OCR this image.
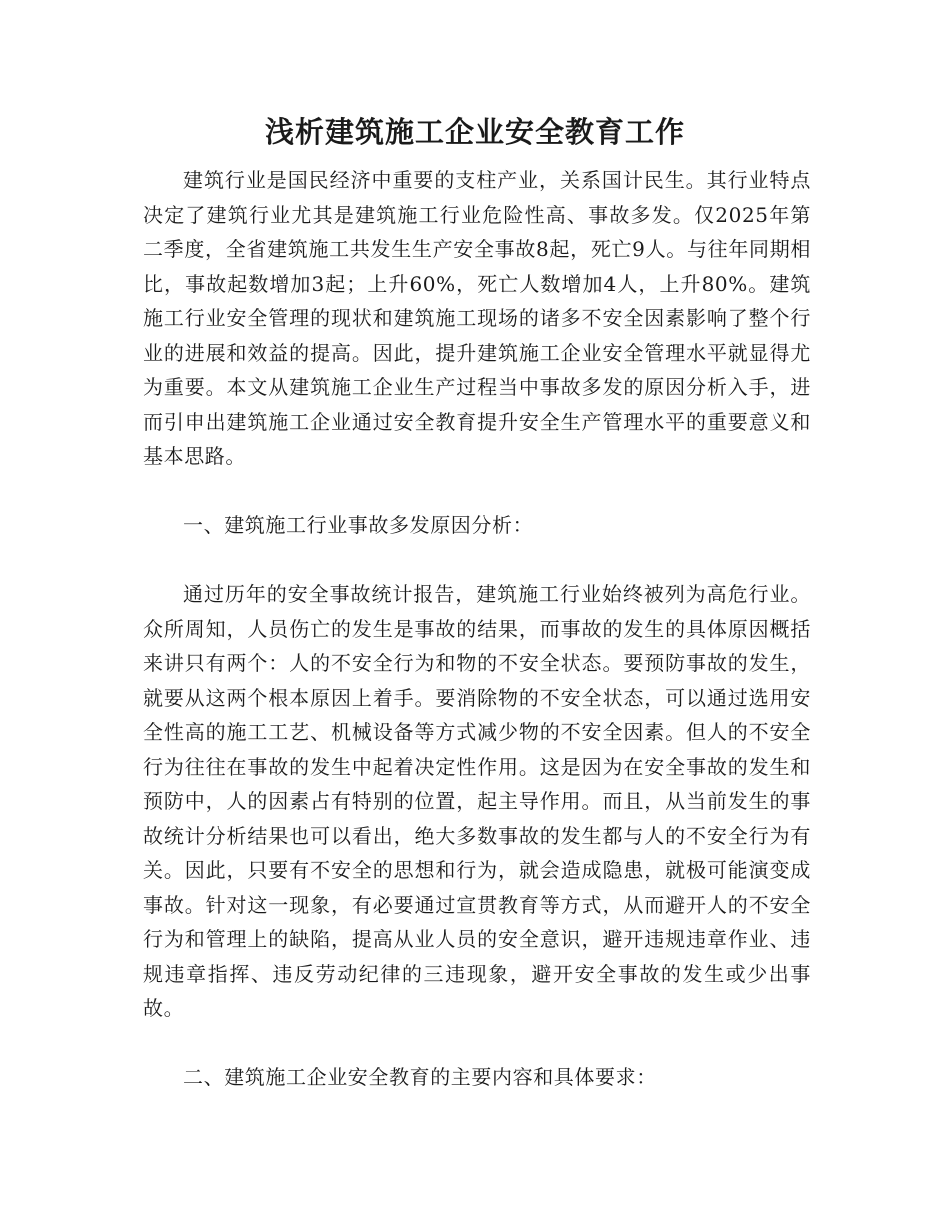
浅析建筑施工企业安全教育工作

建筑行业是国民经济中重要的支柱产业，关系国计民生。其行业特点决定了建筑行业尤其是建筑施工行业危险性高、事故多发。仅2025年第二季度，全省建筑施工共发生生产安全事故8起，死亡9人。与往年同期相比，事故起数增加3起；上升60%，死亡人数增加4人，上升80%。建筑施工行业安全管理的现状和建筑施工现场的诸多不安全因素影响了整个行业的进展和效益的提高。因此，提升建筑施工企业安全管理水平就显得尤为重要。本文从建筑施工企业生产过程当中事故多发的原因分析入手，进而引申出建筑施工企业通过安全教育提升安全生产管理水平的重要意义和基本思路。

一、建筑施工行业事故多发原因分析：

通过历年的安全事故统计报告，建筑施工行业始终被列为高危行业。众所周知，人员伤亡的发生是事故的结果，而事故的发生的具体原因概括来讲只有两个：人的不安全行为和物的不安全状态。要预防事故的发生，就要从这两个根本原因上着手。要消除物的不安全状态，可以通过选用安全性高的施工工艺、机械设备等方式减少物的不安全因素。但人的不安全行为往往在事故的发生中起着决定性作用。这是因为在安全事故的发生和预防中，人的因素占有特别的位置，起主导作用。而且，从当前发生的事故统计分析结果也可以看出，绝大多数事故的发生都与人的不安全行为有关。因此，只要有不安全的思想和行为，就会造成隐患，就极可能演变成事故。针对这一现象，有必要通过宣贯教育等方式，从而避开人的不安全行为和管理上的缺陷，提高从业人员的安全意识，避开违规违章作业、违规违章指挥、违反劳动纪律的三违现象，避开安全事故的发生或少出事故。

二、建筑施工企业安全教育的主要内容和具体要求：
